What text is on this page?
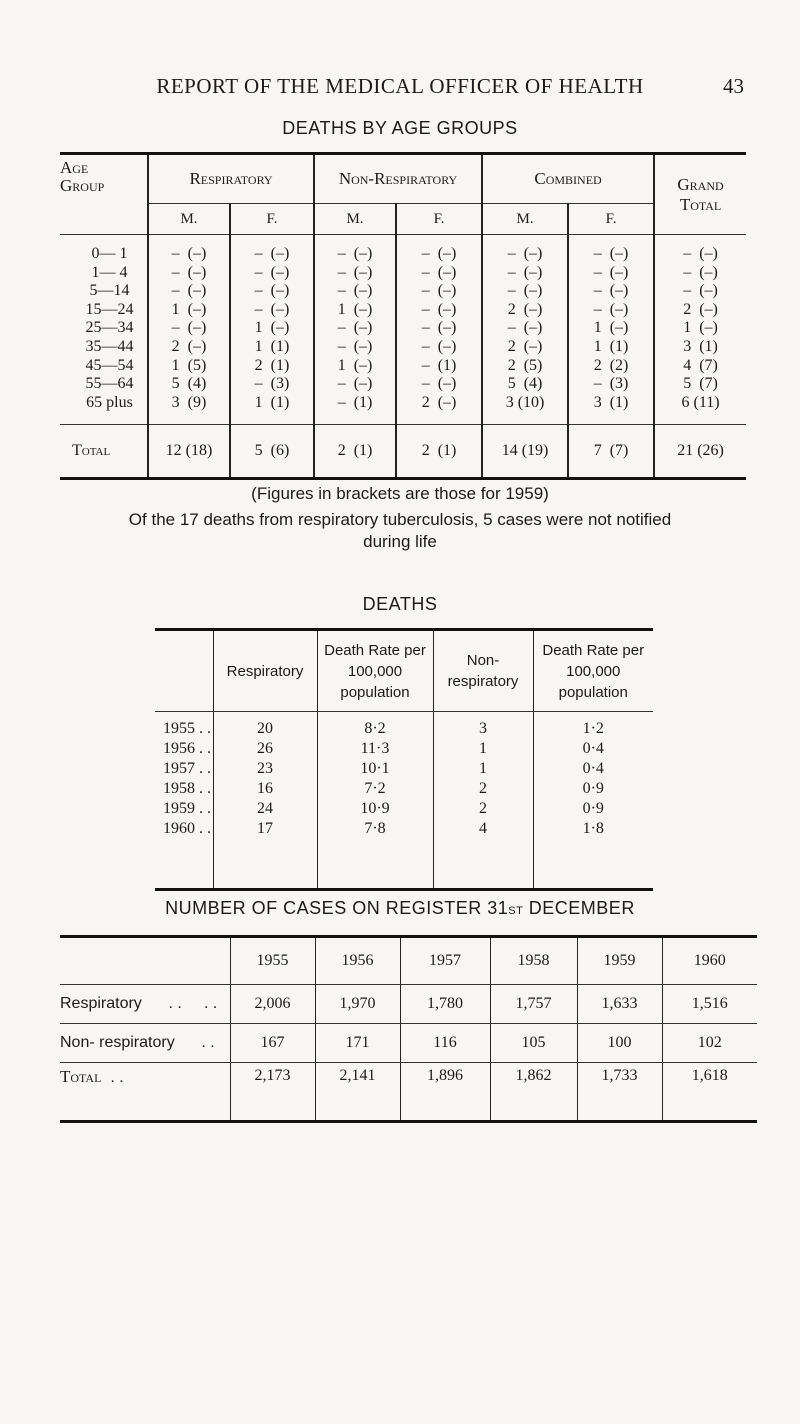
REPORT OF THE MEDICAL OFFICER OF HEALTH	43
DEATHS BY AGE GROUPS
Age
Group	Respiratory		Non-Respiratory		Combined		Grand
Total
	M.	F.	M.	F.	M.	F.	
0— 1	–  (–)	–  (–)	–  (–)	–  (–)	–  (–)	–  (–)	–  (–)
1— 4	–  (–)	–  (–)	–  (–)	–  (–)	–  (–)	–  (–)	–  (–)
5—14	–  (–)	–  (–)	–  (–)	–  (–)	–  (–)	–  (–)	–  (–)
15—24	1  (–)	–  (–)	1  (–)	–  (–)	2  (–)	–  (–)	2  (–)
25—34	–  (–)	1  (–)	–  (–)	–  (–)	–  (–)	1  (–)	1  (–)
35—44	2  (–)	1  (1)	–  (–)	–  (–)	2  (–)	1  (1)	3  (1)
45—54	1  (5)	2  (1)	1  (–)	–  (1)	2  (5)	2  (2)	4  (7)
55—64	5  (4)	–  (3)	–  (–)	–  (–)	5  (4)	–  (3)	5  (7)
65 plus	3  (9)	1  (1)	–  (1)	2  (–)	3 (10)	3  (1)	6 (11)
Total	12 (18)	5  (6)	2  (1)	2  (1)	14 (19)	7  (7)	21 (26)
(Figures in brackets are those for 1959)
Of the 17 deaths from respiratory tuberculosis, 5 cases were not notified
during life
DEATHS
	Respiratory	Death Rate per 100,000 population	Non- respiratory	Death Rate per 100,000 population
1955 . .	20	8·2	3	1·2
1956 . .	26	11·3	1	0·4
1957 . .	23	10·1	1	0·4
1958 . .	16	7·2	2	0·9
1959 . .	24	10·9	2	0·9
1960 . .	17	7·8	4	1·8
NUMBER OF CASES ON REGISTER 31st DECEMBER
	1955	1956	1957	1958	1959	1960
Respiratory      . .     . .	2,006	1,970	1,780	1,757	1,633	1,516
Non- respiratory      . .	167	171	116	105	100	102
Total  . .	2,173	2,141	1,896	1,862	1,733	1,618
